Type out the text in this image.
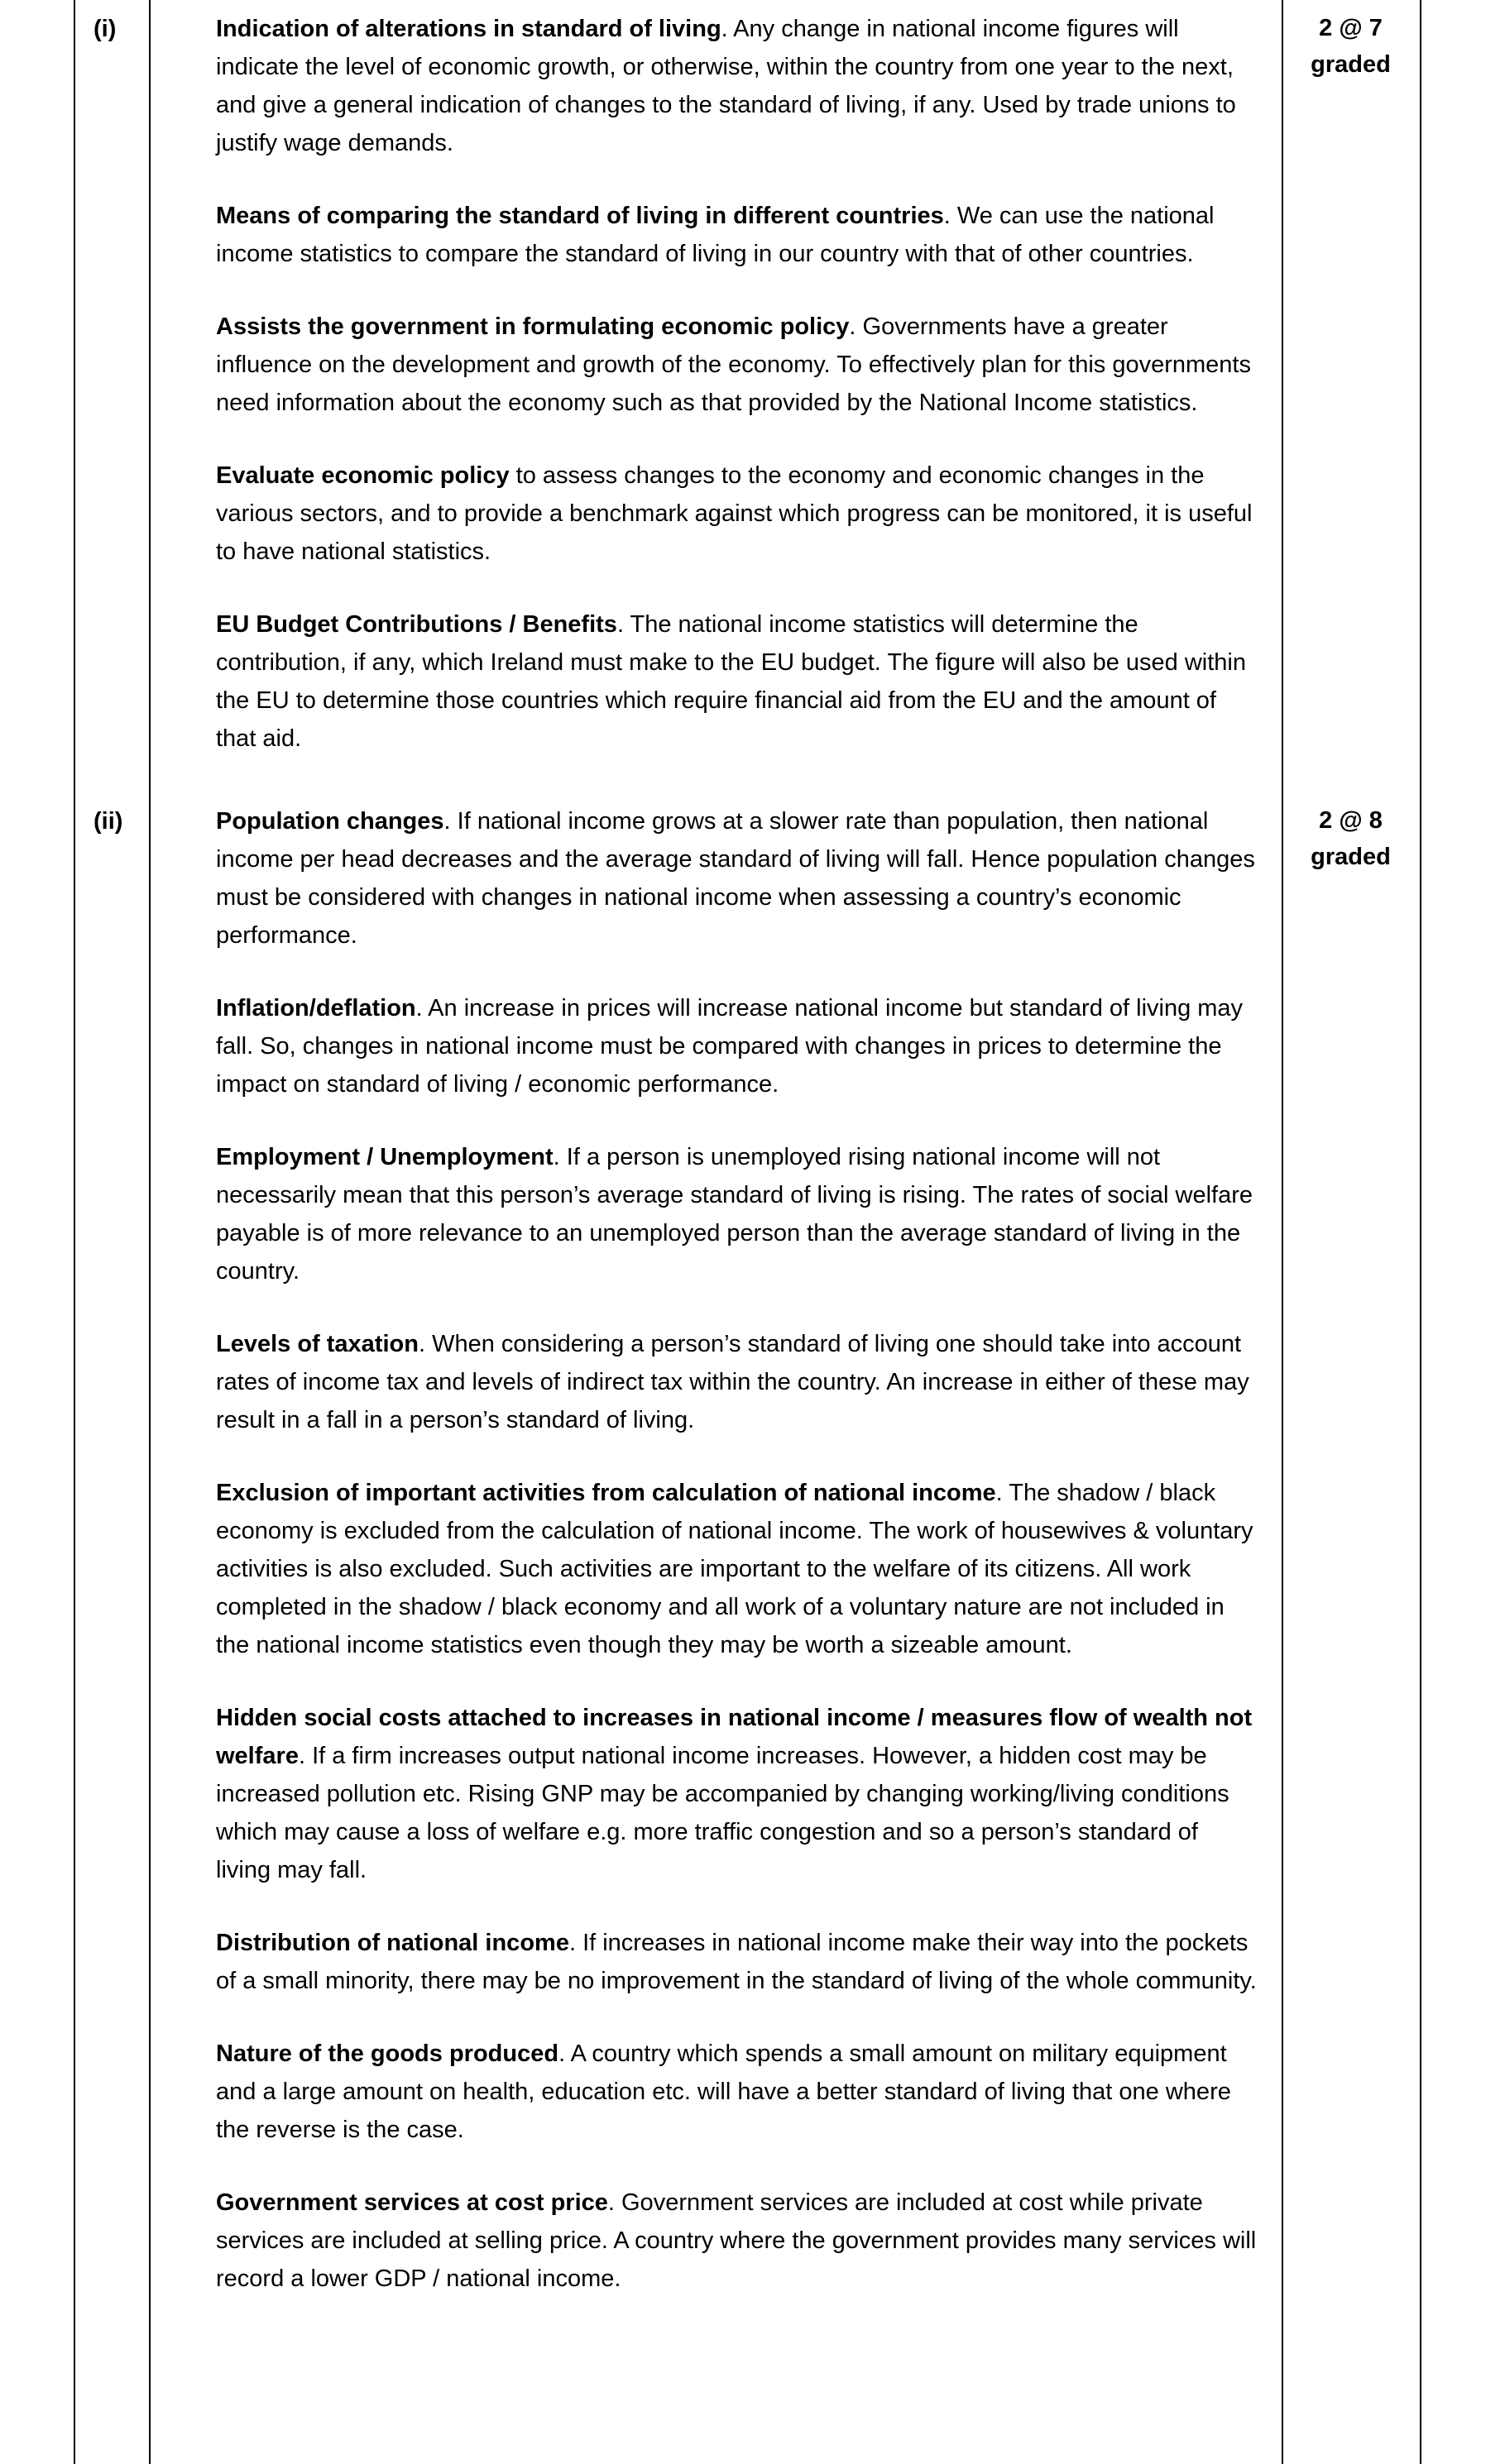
(i)	Indication of alterations in standard of living. Any change in national income figures will indicate the level of economic growth, or otherwise, within the country from one year to the next, and give a general indication of changes to the standard of living, if any. Used by trade unions to justify wage demands.

Means of comparing the standard of living in different countries. We can use the national income statistics to compare the standard of living in our country with that of other countries.

Assists the government in formulating economic policy. Governments have a greater influence on the development and growth of the economy. To effectively plan for this governments need information about the economy such as that provided by the National Income statistics.

Evaluate economic policy to assess changes to the economy and economic changes in the various sectors, and to provide a benchmark against which progress can be monitored, it is useful to have national statistics.

EU Budget Contributions / Benefits. The national income statistics will determine the contribution, if any, which Ireland must make to the EU budget. The figure will also be used within the EU to determine those countries which require financial aid from the EU and the amount of that aid.

2 @ 7
graded
(ii)	Population changes. If national income grows at a slower rate than population, then national income per head decreases and the average standard of living will fall. Hence population changes must be considered with changes in national income when assessing a country’s economic performance.

Inflation/deflation. An increase in prices will increase national income but standard of living may fall. So, changes in national income must be compared with changes in prices to determine the impact on standard of living / economic performance.

Employment / Unemployment. If a person is unemployed rising national income will not necessarily mean that this person’s average standard of living is rising. The rates of social welfare payable is of more relevance to an unemployed person than the average standard of living in the country.

Levels of taxation. When considering a person’s standard of living one should take into account rates of income tax and levels of indirect tax within the country. An increase in either of these may result in a fall in a person’s standard of living.

Exclusion of important activities from calculation of national income. The shadow / black economy is excluded from the calculation of national income. The work of housewives & voluntary activities is also excluded. Such activities are important to the welfare of its citizens. All work completed in the shadow / black economy and all work of a voluntary nature are not included in the national income statistics even though they may be worth a sizeable amount.

Hidden social costs attached to increases in national income / measures flow of wealth not welfare. If a firm increases output national income increases. However, a hidden cost may be increased pollution etc. Rising GNP may be accompanied by changing working/living conditions which may cause a loss of welfare e.g. more traffic congestion and so a person’s standard of living may fall.

Distribution of national income. If increases in national income make their way into the pockets of a small minority, there may be no improvement in the standard of living of the whole community.

Nature of the goods produced. A country which spends a small amount on military equipment and a large amount on health, education etc. will have a better standard of living that one where the reverse is the case.

Government services at cost price. Government services are included at cost while private services are included at selling price. A country where the government provides many services will record a lower GDP / national income.

2 @ 8
graded
